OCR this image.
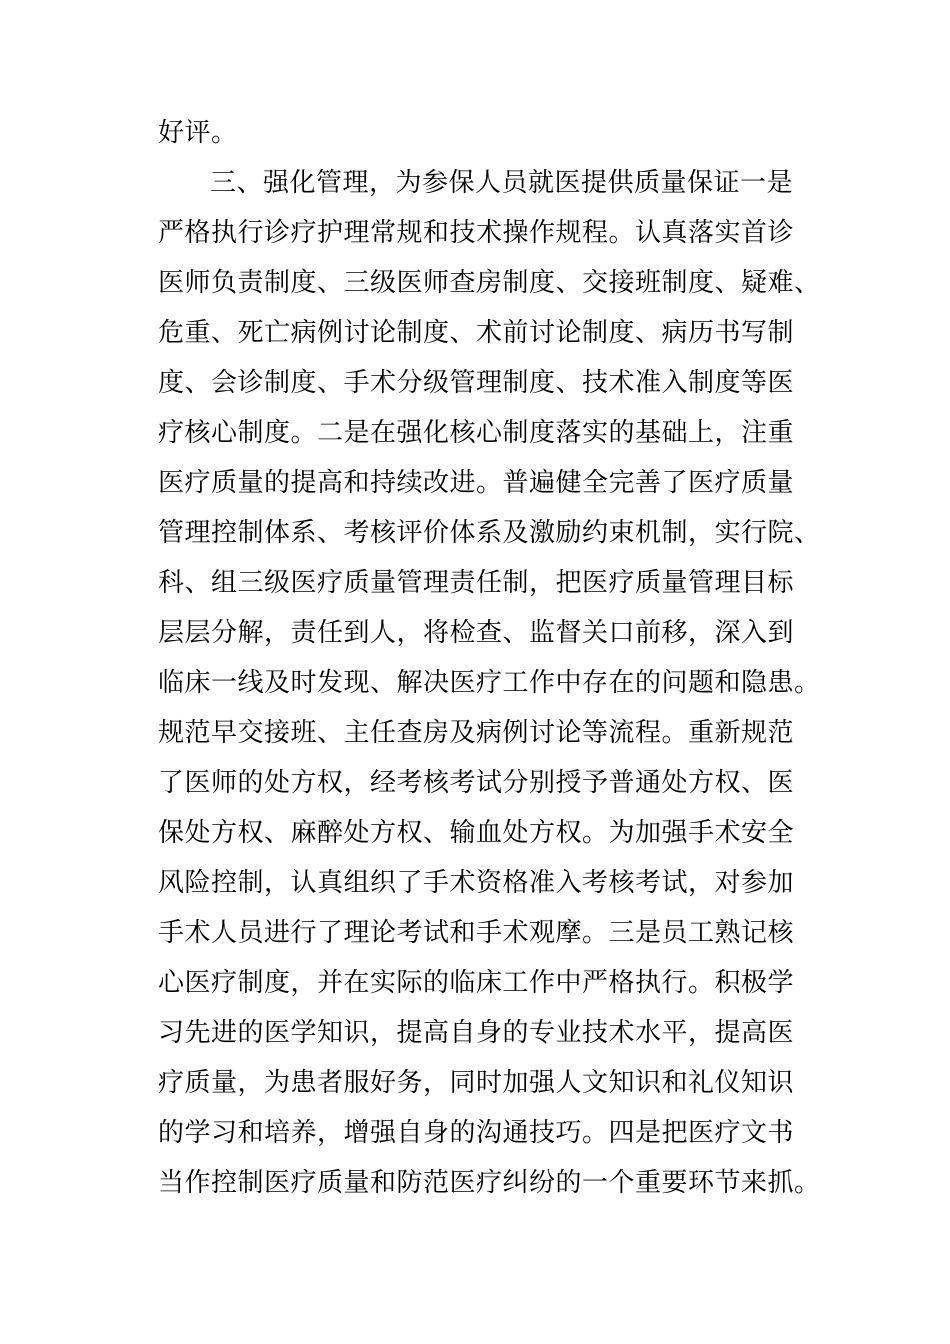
好评。
三、强化管理，为参保人员就医提供质量保证一是
严格执行诊疗护理常规和技术操作规程。认真落实首诊
医师负责制度、三级医师查房制度、交接班制度、疑难、
危重、死亡病例讨论制度、术前讨论制度、病历书写制
度、会诊制度、手术分级管理制度、技术准入制度等医
疗核心制度。二是在强化核心制度落实的基础上，注重
医疗质量的提高和持续改进。普遍健全完善了医疗质量
管理控制体系、考核评价体系及激励约束机制，实行院、
科、组三级医疗质量管理责任制，把医疗质量管理目标
层层分解，责任到人，将检查、监督关口前移，深入到
临床一线及时发现、解决医疗工作中存在的问题和隐患。
规范早交接班、主任查房及病例讨论等流程。重新规范
了医师的处方权，经考核考试分别授予普通处方权、医
保处方权、麻醉处方权、输血处方权。为加强手术安全
风险控制，认真组织了手术资格准入考核考试，对参加
手术人员进行了理论考试和手术观摩。三是员工熟记核
心医疗制度，并在实际的临床工作中严格执行。积极学
习先进的医学知识，提高自身的专业技术水平，提高医
疗质量，为患者服好务，同时加强人文知识和礼仪知识
的学习和培养，增强自身的沟通技巧。四是把医疗文书
当作控制医疗质量和防范医疗纠纷的一个重要环节来抓。
